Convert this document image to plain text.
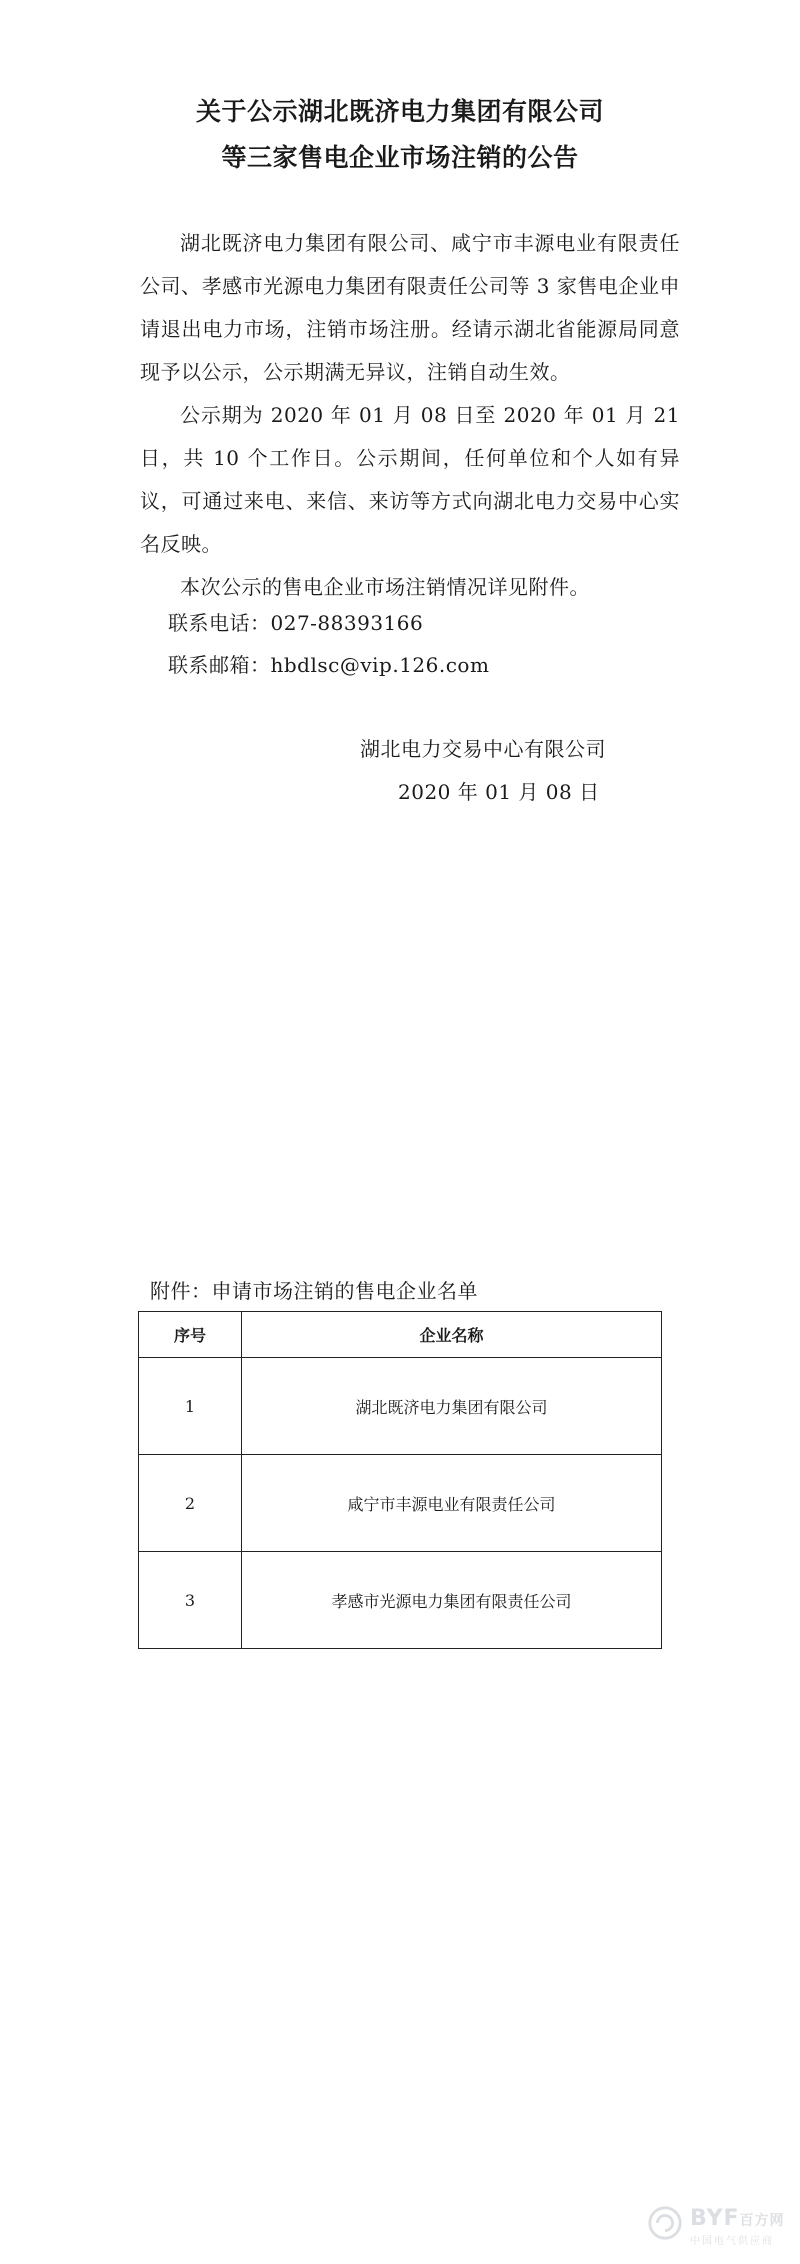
关于公示湖北既济电力集团有限公司
等三家售电企业市场注销的公告

湖北既济电力集团有限公司、咸宁市丰源电业有限责任公司、孝感市光源电力集团有限责任公司等 3 家售电企业申请退出电力市场，注销市场注册。经请示湖北省能源局同意现予以公示，公示期满无异议，注销自动生效。

公示期为 2020 年 01 月 08 日至 2020 年 01 月 21 日，共 10 个工作日。公示期间，任何单位和个人如有异议，可通过来电、来信、来访等方式向湖北电力交易中心实名反映。

本次公示的售电企业市场注销情况详见附件。

联系电话：027-88393166
联系邮箱：hbdlsc@vip.126.com
湖北电力交易中心有限公司
2020 年 01 月 08 日
附件：申请市场注销的售电企业名单
序号	企业名称
1	湖北既济电力集团有限公司
2	咸宁市丰源电业有限责任公司
3	孝感市光源电力集团有限责任公司
BYF百方网
中国电气供应商
